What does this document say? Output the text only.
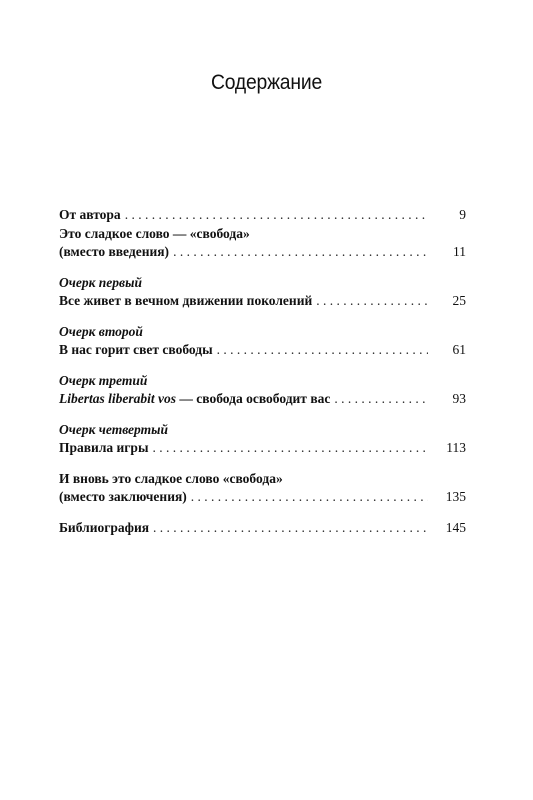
Содержание
От автора . . .	9
Это сладкое слово — «свобода»
(вместо введения) . . .	11
Очерк первый
Все живет в вечном движении поколений . . .	25
Очерк второй
В нас горит свет свободы . . .	61
Очерк третий
Libertas liberabit vos — свобода освободит вас . . .	93
Очерк четвертый
Правила игры . . .	113
И вновь это сладкое слово «свобода»
(вместо заключения) . . .	135
Библиография . . .	145
